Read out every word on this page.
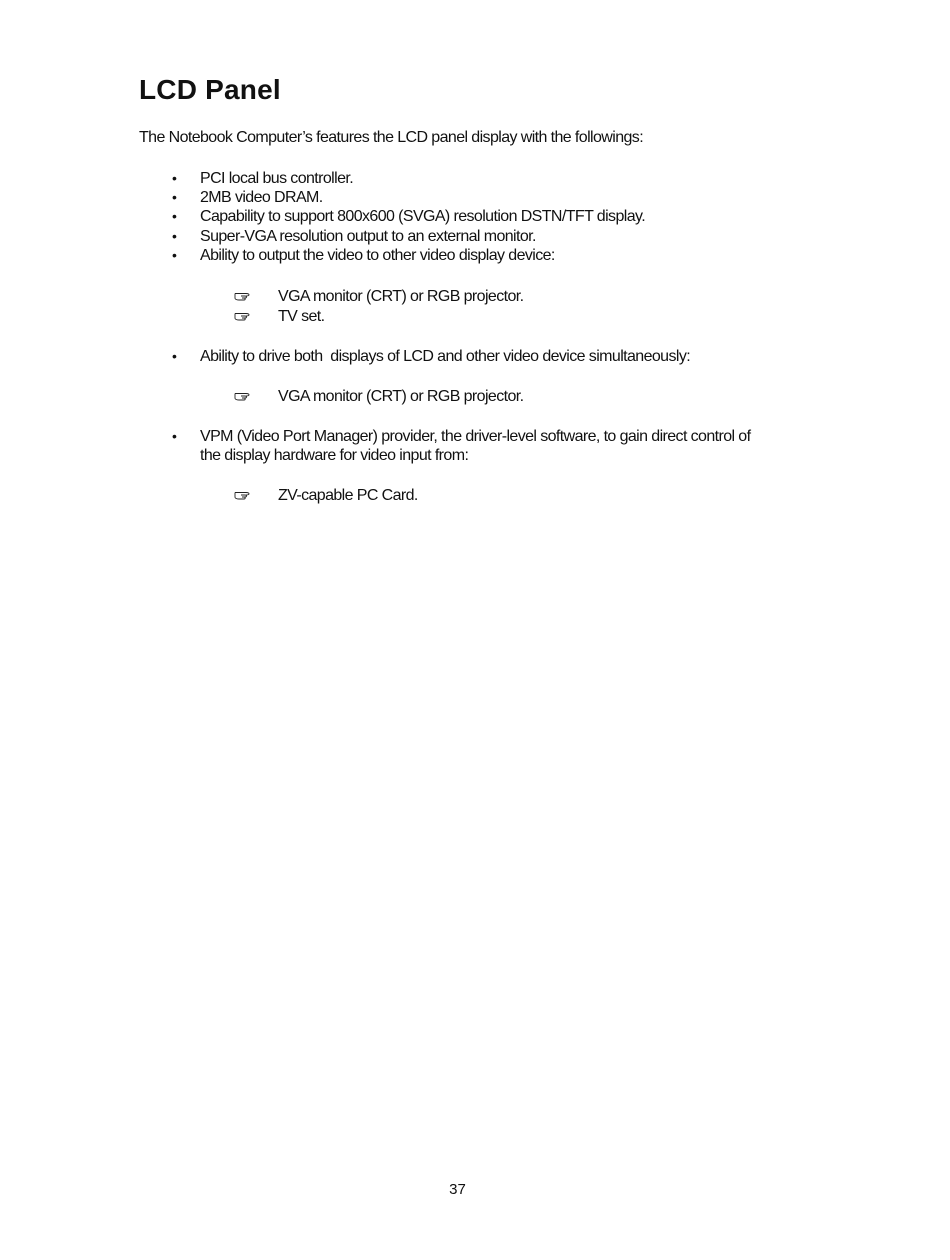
LCD Panel

The Notebook Computer’s features the LCD panel display with the followings:

• PCI local bus controller.

• 2MB video DRAM.

• Capability to support 800x600 (SVGA) resolution DSTN/TFT display.

• Super-VGA resolution output to an external monitor.

• Ability to output the video to other video display device:

VGA monitor (CRT) or RGB projector.

TV set.

• Ability to drive both  displays of LCD and other video device simultaneously:

VGA monitor (CRT) or RGB projector.

• VPM (Video Port Manager) provider, the driver-level software, to gain direct control of

the display hardware for video input from:

ZV-capable PC Card.

37
